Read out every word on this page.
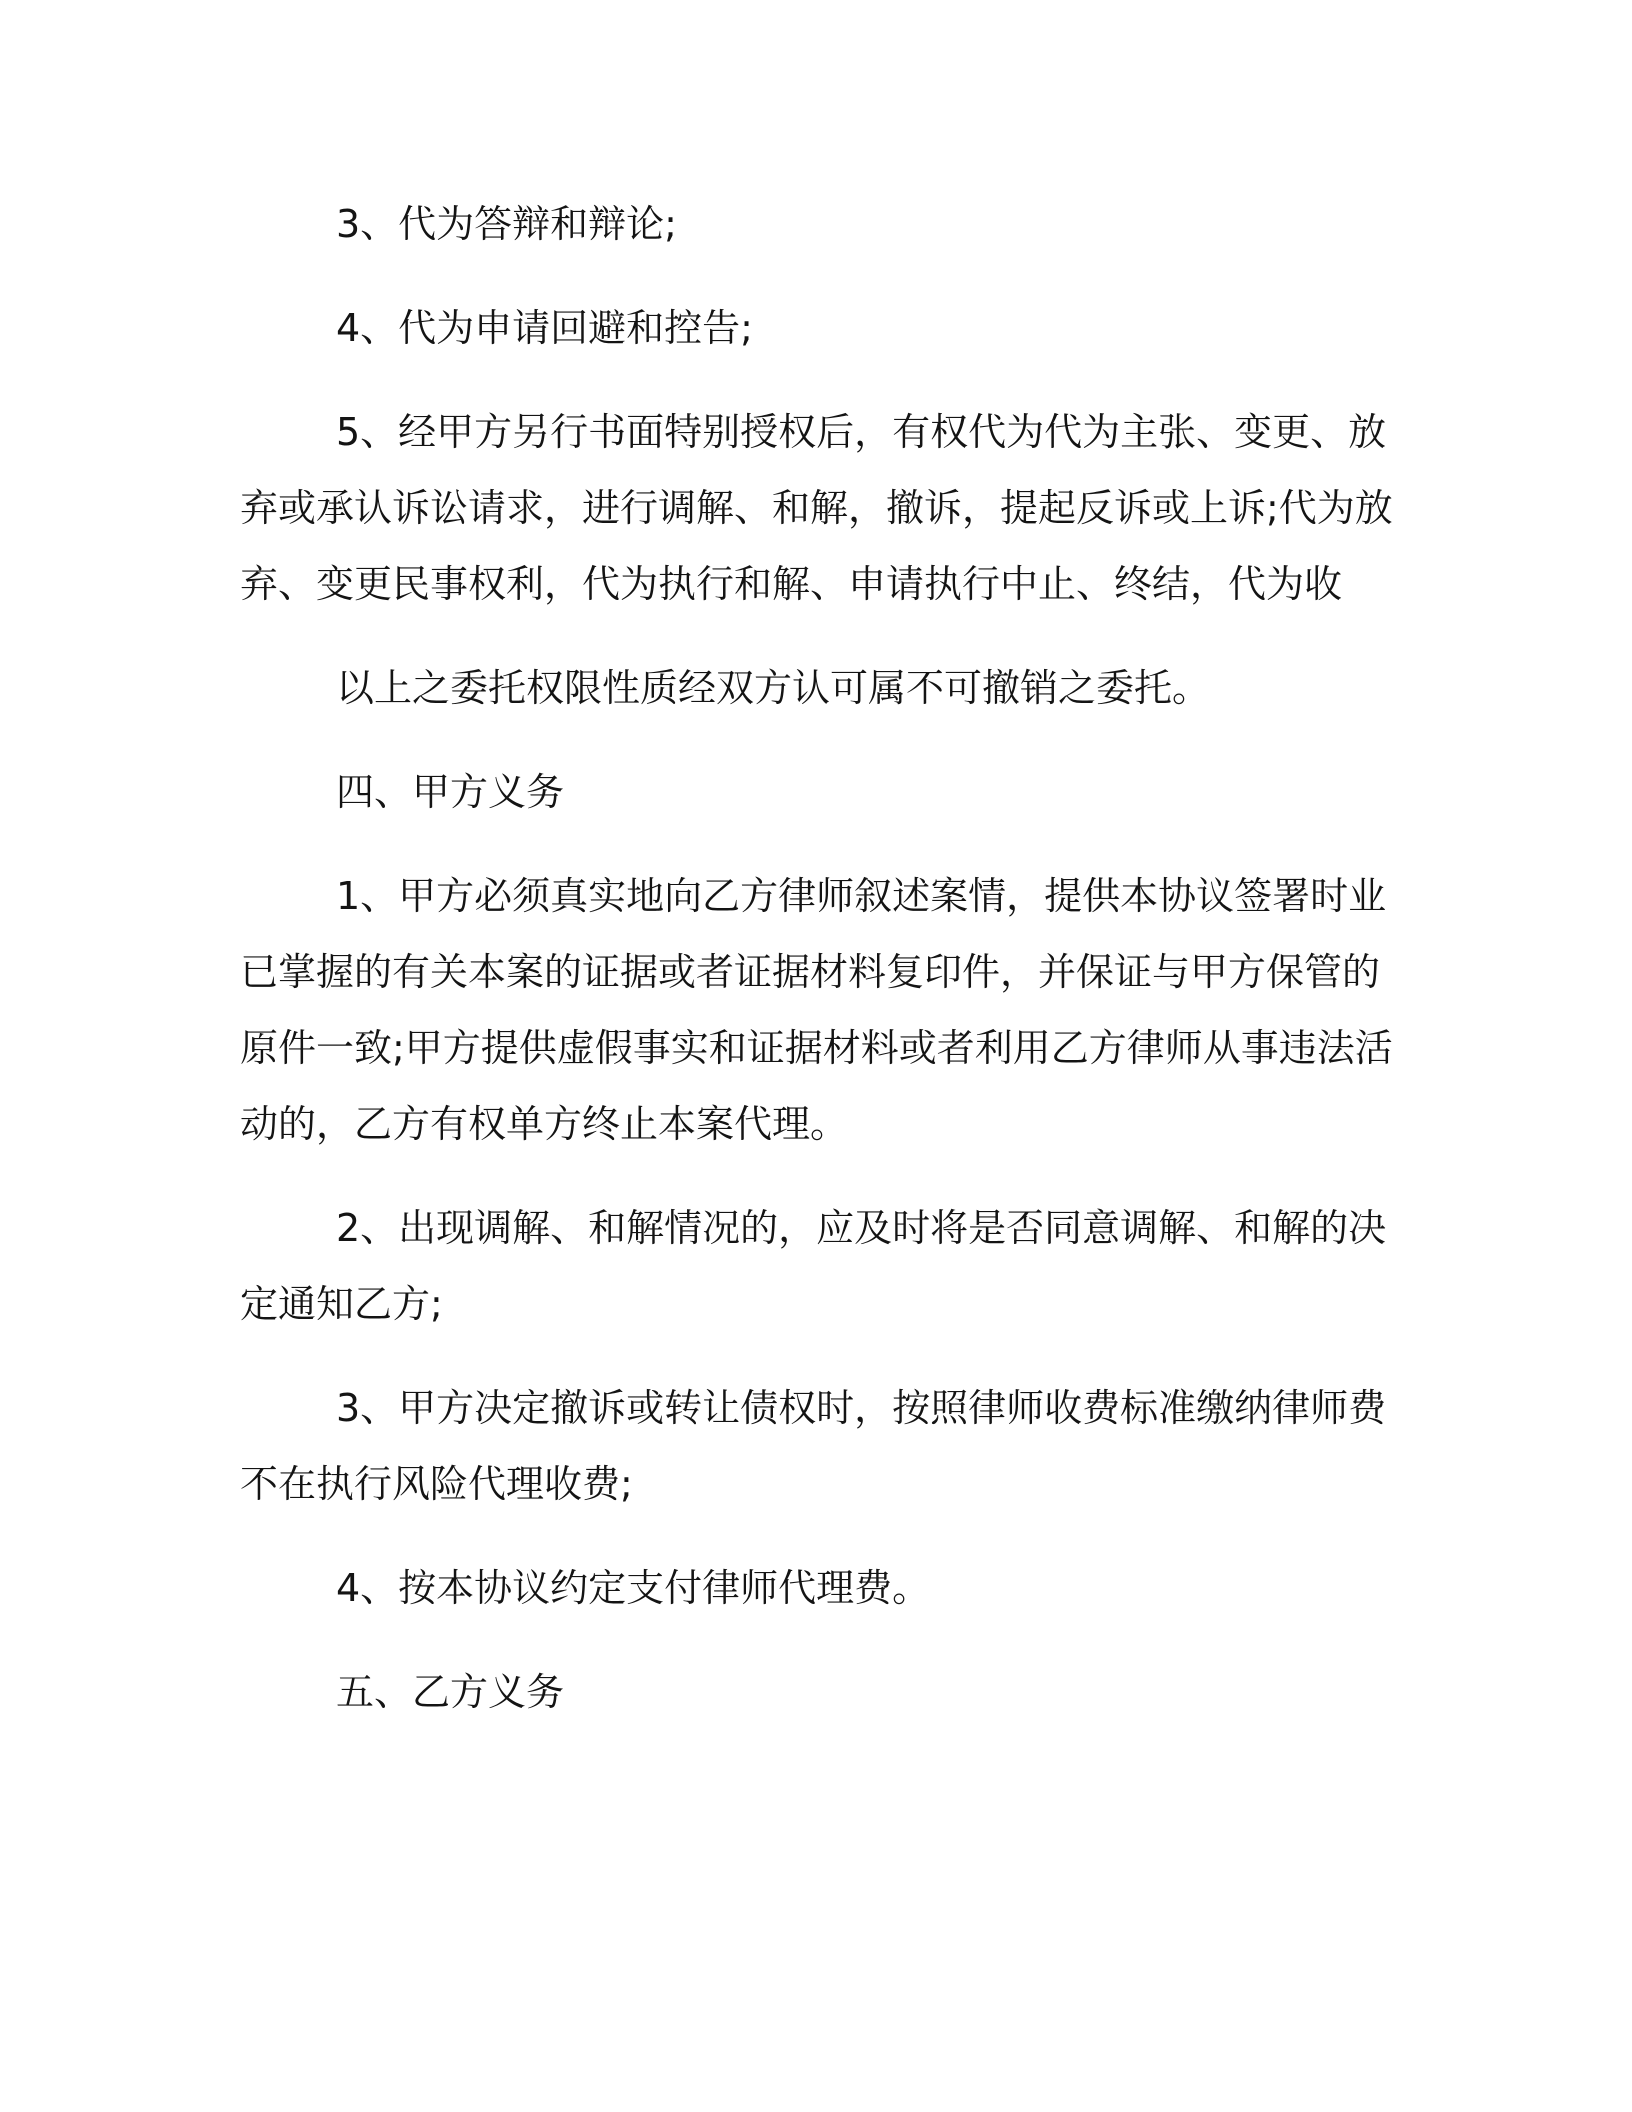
3、代为答辩和辩论;
4、代为申请回避和控告;
5、经甲方另行书面特别授权后，有权代为代为主张、变更、放
弃或承认诉讼请求，进行调解、和解，撤诉，提起反诉或上诉;代为放
弃、变更民事权利，代为执行和解、申请执行中止、终结，代为收
以上之委托权限性质经双方认可属不可撤销之委托。
四、甲方义务
1、甲方必须真实地向乙方律师叙述案情，提供本协议签署时业
已掌握的有关本案的证据或者证据材料复印件，并保证与甲方保管的
原件一致;甲方提供虚假事实和证据材料或者利用乙方律师从事违法活
动的，乙方有权单方终止本案代理。
2、出现调解、和解情况的，应及时将是否同意调解、和解的决
定通知乙方;
3、甲方决定撤诉或转让债权时，按照律师收费标准缴纳律师费
不在执行风险代理收费;
4、按本协议约定支付律师代理费。
五、乙方义务
